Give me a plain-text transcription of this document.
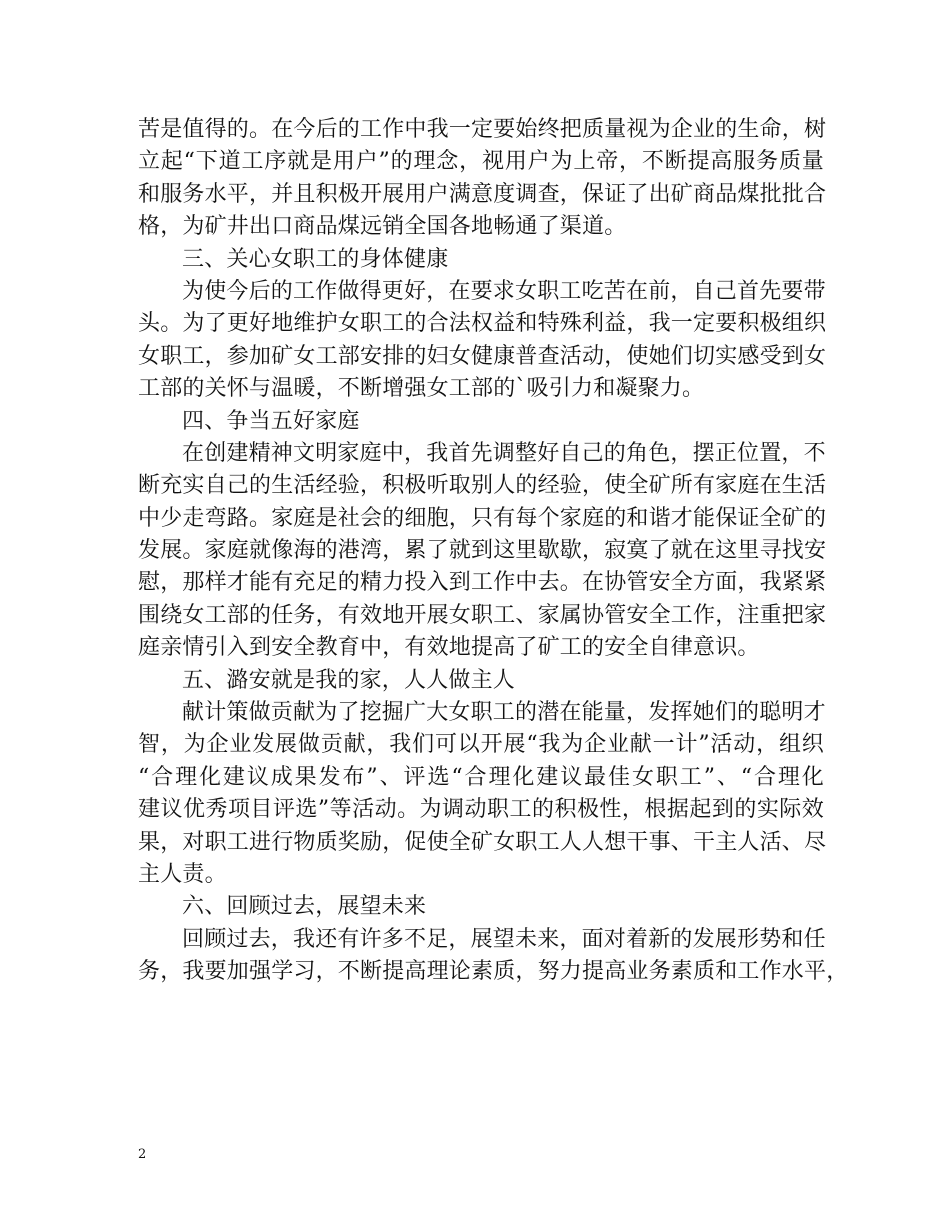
苦是值得的。在今后的工作中我一定要始终把质量视为企业的生命，树
立起“下道工序就是用户”的理念，视用户为上帝，不断提高服务质量
和服务水平，并且积极开展用户满意度调查，保证了出矿商品煤批批合
格，为矿井出口商品煤远销全国各地畅通了渠道。
三、关心女职工的身体健康
为使今后的工作做得更好，在要求女职工吃苦在前，自己首先要带
头。为了更好地维护女职工的合法权益和特殊利益，我一定要积极组织
女职工，参加矿女工部安排的妇女健康普查活动，使她们切实感受到女
工部的关怀与温暖，不断增强女工部的`吸引力和凝聚力。
四、争当五好家庭
在创建精神文明家庭中，我首先调整好自己的角色，摆正位置，不
断充实自己的生活经验，积极听取别人的经验，使全矿所有家庭在生活
中少走弯路。家庭是社会的细胞，只有每个家庭的和谐才能保证全矿的
发展。家庭就像海的港湾，累了就到这里歇歇，寂寞了就在这里寻找安
慰，那样才能有充足的精力投入到工作中去。在协管安全方面，我紧紧
围绕女工部的任务，有效地开展女职工、家属协管安全工作，注重把家
庭亲情引入到安全教育中，有效地提高了矿工的安全自律意识。
五、潞安就是我的家，人人做主人
献计策做贡献为了挖掘广大女职工的潜在能量，发挥她们的聪明才
智，为企业发展做贡献，我们可以开展“我为企业献一计”活动，组织
“合理化建议成果发布”、评选“合理化建议最佳女职工”、“合理化
建议优秀项目评选”等活动。为调动职工的积极性，根据起到的实际效
果，对职工进行物质奖励，促使全矿女职工人人想干事、干主人活、尽
主人责。
六、回顾过去，展望未来
回顾过去，我还有许多不足，展望未来，面对着新的发展形势和任
务，我要加强学习，不断提高理论素质，努力提高业务素质和工作水平，
2
